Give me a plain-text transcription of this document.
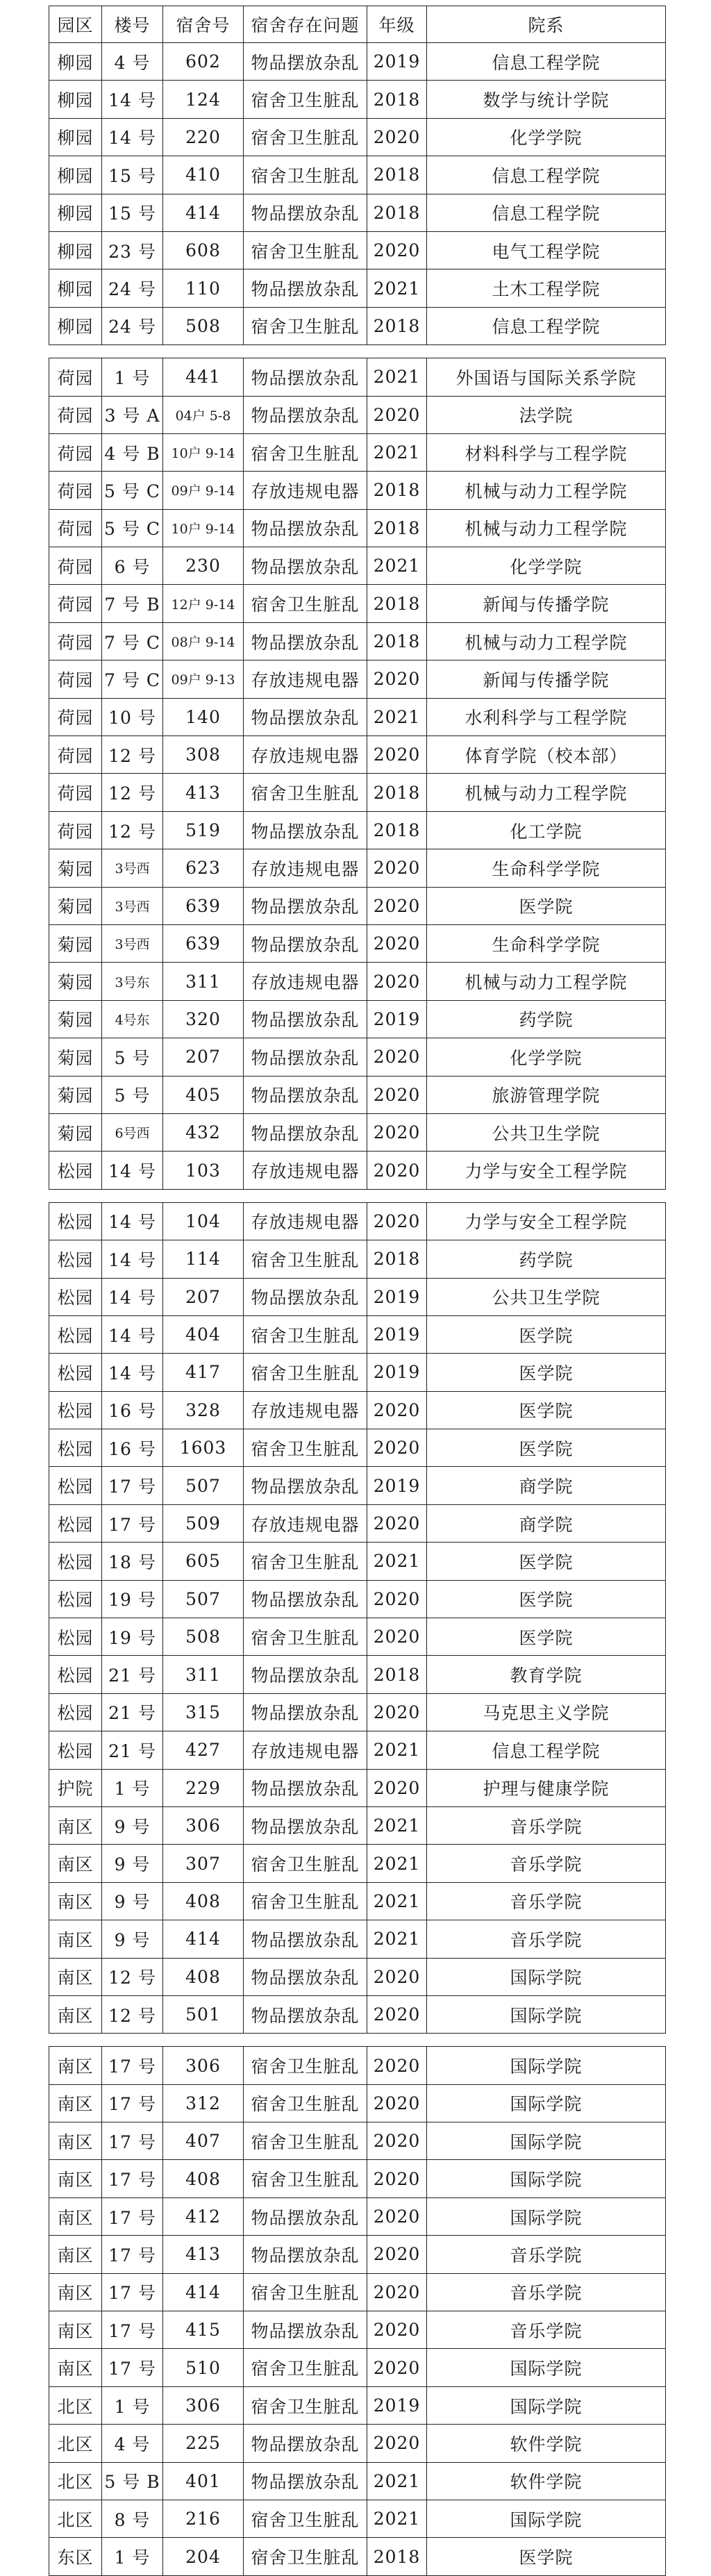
园区	楼号	宿舍号	宿舍存在问题	年级	院系
柳园	4 号	602	物品摆放杂乱	2019	信息工程学院
柳园	14 号	124	宿舍卫生脏乱	2018	数学与统计学院
柳园	14 号	220	宿舍卫生脏乱	2020	化学学院
柳园	15 号	410	宿舍卫生脏乱	2018	信息工程学院
柳园	15 号	414	物品摆放杂乱	2018	信息工程学院
柳园	23 号	608	宿舍卫生脏乱	2020	电气工程学院
柳园	24 号	110	物品摆放杂乱	2021	土木工程学院
柳园	24 号	508	宿舍卫生脏乱	2018	信息工程学院
荷园	1 号	441	物品摆放杂乱	2021	外国语与国际关系学院
荷园	3 号 A	04户 5-8	物品摆放杂乱	2020	法学院
荷园	4 号 B	10户 9-14	宿舍卫生脏乱	2021	材料科学与工程学院
荷园	5 号 C	09户 9-14	存放违规电器	2018	机械与动力工程学院
荷园	5 号 C	10户 9-14	物品摆放杂乱	2018	机械与动力工程学院
荷园	6 号	230	物品摆放杂乱	2021	化学学院
荷园	7 号 B	12户 9-14	宿舍卫生脏乱	2018	新闻与传播学院
荷园	7 号 C	08户 9-14	物品摆放杂乱	2018	机械与动力工程学院
荷园	7 号 C	09户 9-13	存放违规电器	2020	新闻与传播学院
荷园	10 号	140	物品摆放杂乱	2021	水利科学与工程学院
荷园	12 号	308	存放违规电器	2020	体育学院（校本部）
荷园	12 号	413	宿舍卫生脏乱	2018	机械与动力工程学院
荷园	12 号	519	物品摆放杂乱	2018	化工学院
菊园	3号西	623	存放违规电器	2020	生命科学学院
菊园	3号西	639	物品摆放杂乱	2020	医学院
菊园	3号西	639	物品摆放杂乱	2020	生命科学学院
菊园	3号东	311	存放违规电器	2020	机械与动力工程学院
菊园	4号东	320	物品摆放杂乱	2019	药学院
菊园	5 号	207	物品摆放杂乱	2020	化学学院
菊园	5 号	405	物品摆放杂乱	2020	旅游管理学院
菊园	6号西	432	物品摆放杂乱	2020	公共卫生学院
松园	14 号	103	存放违规电器	2020	力学与安全工程学院
松园	14 号	104	存放违规电器	2020	力学与安全工程学院
松园	14 号	114	宿舍卫生脏乱	2018	药学院
松园	14 号	207	物品摆放杂乱	2019	公共卫生学院
松园	14 号	404	宿舍卫生脏乱	2019	医学院
松园	14 号	417	宿舍卫生脏乱	2019	医学院
松园	16 号	328	存放违规电器	2020	医学院
松园	16 号	1603	宿舍卫生脏乱	2020	医学院
松园	17 号	507	物品摆放杂乱	2019	商学院
松园	17 号	509	存放违规电器	2020	商学院
松园	18 号	605	宿舍卫生脏乱	2021	医学院
松园	19 号	507	物品摆放杂乱	2020	医学院
松园	19 号	508	宿舍卫生脏乱	2020	医学院
松园	21 号	311	物品摆放杂乱	2018	教育学院
松园	21 号	315	物品摆放杂乱	2020	马克思主义学院
松园	21 号	427	存放违规电器	2021	信息工程学院
护院	1 号	229	物品摆放杂乱	2020	护理与健康学院
南区	9 号	306	物品摆放杂乱	2021	音乐学院
南区	9 号	307	宿舍卫生脏乱	2021	音乐学院
南区	9 号	408	宿舍卫生脏乱	2021	音乐学院
南区	9 号	414	物品摆放杂乱	2021	音乐学院
南区	12 号	408	物品摆放杂乱	2020	国际学院
南区	12 号	501	物品摆放杂乱	2020	国际学院
南区	17 号	306	宿舍卫生脏乱	2020	国际学院
南区	17 号	312	宿舍卫生脏乱	2020	国际学院
南区	17 号	407	宿舍卫生脏乱	2020	国际学院
南区	17 号	408	宿舍卫生脏乱	2020	国际学院
南区	17 号	412	物品摆放杂乱	2020	国际学院
南区	17 号	413	物品摆放杂乱	2020	音乐学院
南区	17 号	414	宿舍卫生脏乱	2020	音乐学院
南区	17 号	415	物品摆放杂乱	2020	音乐学院
南区	17 号	510	宿舍卫生脏乱	2020	国际学院
北区	1 号	306	宿舍卫生脏乱	2019	国际学院
北区	4 号	225	物品摆放杂乱	2020	软件学院
北区	5 号 B	401	物品摆放杂乱	2021	软件学院
北区	8 号	216	宿舍卫生脏乱	2021	国际学院
东区	1 号	204	宿舍卫生脏乱	2018	医学院
